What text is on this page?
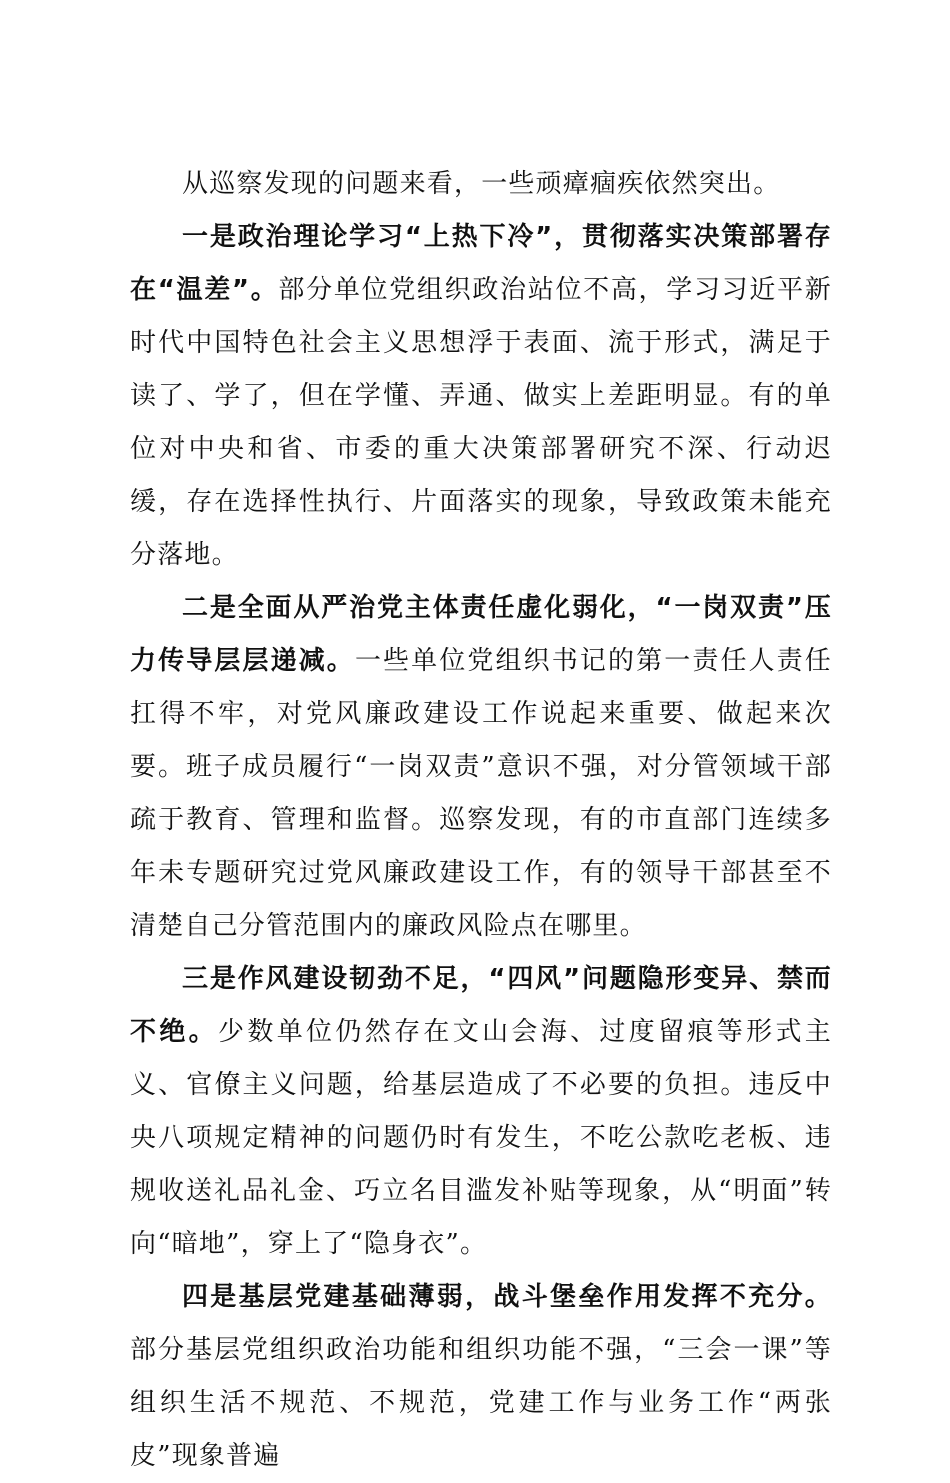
从巡察发现的问题来看，一些顽瘴痼疾依然突出。

一是政治理论学习“上热下冷”，贯彻落实决策部署存在“温差”。部分单位党组织政治站位不高，学习习近平新时代中国特色社会主义思想浮于表面、流于形式，满足于读了、学了，但在学懂、弄通、做实上差距明显。有的单位对中央和省、市委的重大决策部署研究不深、行动迟缓，存在选择性执行、片面落实的现象，导致政策未能充分落地。

二是全面从严治党主体责任虚化弱化，“一岗双责”压力传导层层递减。一些单位党组织书记的第一责任人责任扛得不牢，对党风廉政建设工作说起来重要、做起来次要。班子成员履行“一岗双责”意识不强，对分管领域干部疏于教育、管理和监督。巡察发现，有的市直部门连续多年未专题研究过党风廉政建设工作，有的领导干部甚至不清楚自己分管范围内的廉政风险点在哪里。

三是作风建设韧劲不足，“四风”问题隐形变异、禁而不绝。少数单位仍然存在文山会海、过度留痕等形式主义、官僚主义问题，给基层造成了不必要的负担。违反中央八项规定精神的问题仍时有发生，不吃公款吃老板、违规收送礼品礼金、巧立名目滥发补贴等现象，从“明面”转向“暗地”，穿上了“隐身衣”。

四是基层党建基础薄弱，战斗堡垒作用发挥不充分。部分基层党组织政治功能和组织功能不强，“三会一课”等组织生活不规范、不规范，党建工作与业务工作“两张皮”现象普遍
